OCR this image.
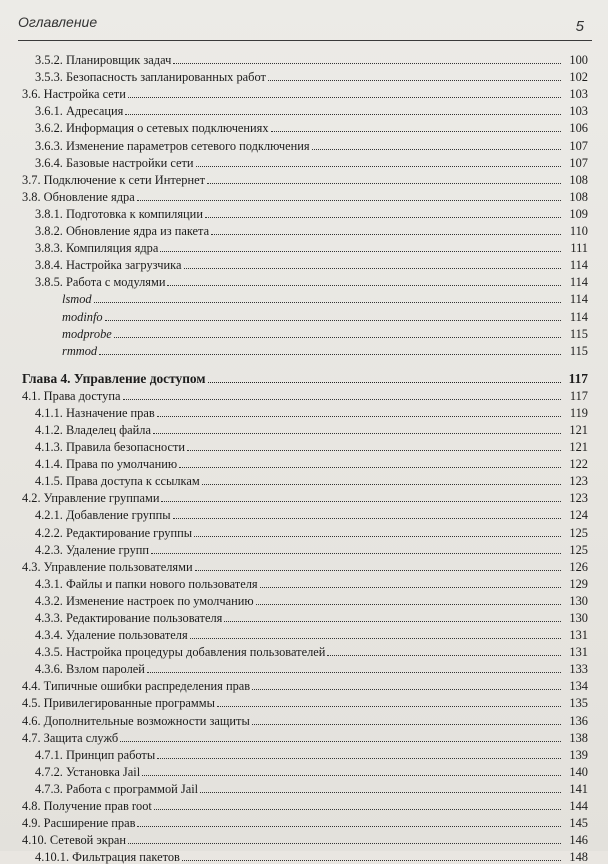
Оглавление	5
3.5.2. Планировщик задач	100
3.5.3. Безопасность запланированных работ	102
3.6. Настройка сети	103
3.6.1. Адресация	103
3.6.2. Информация о сетевых подключениях	106
3.6.3. Изменение параметров сетевого подключения	107
3.6.4. Базовые настройки сети	107
3.7. Подключение к сети Интернет	108
3.8. Обновление ядра	108
3.8.1. Подготовка к компиляции	109
3.8.2. Обновление ядра из пакета	110
3.8.3. Компиляция ядра	111
3.8.4. Настройка загрузчика	114
3.8.5. Работа с модулями	114
lsmod	114
modinfo	114
modprobe	115
rmmod	115
Глава 4. Управление доступом	117
4.1. Права доступа	117
4.1.1. Назначение прав	119
4.1.2. Владелец файла	121
4.1.3. Правила безопасности	121
4.1.4. Права по умолчанию	122
4.1.5. Права доступа к ссылкам	123
4.2. Управление группами	123
4.2.1. Добавление группы	124
4.2.2. Редактирование группы	125
4.2.3. Удаление групп	125
4.3. Управление пользователями	126
4.3.1. Файлы и папки нового пользователя	129
4.3.2. Изменение настроек по умолчанию	130
4.3.3. Редактирование пользователя	130
4.3.4. Удаление пользователя	131
4.3.5. Настройка процедуры добавления пользователей	131
4.3.6. Взлом паролей	133
4.4. Типичные ошибки распределения прав	134
4.5. Привилегированные программы	135
4.6. Дополнительные возможности защиты	136
4.7. Защита служб	138
4.7.1. Принцип работы	139
4.7.2. Установка Jail	140
4.7.3. Работа с программой Jail	141
4.8. Получение прав root	144
4.9. Расширение прав	145
4.10. Сетевой экран	146
4.10.1. Фильтрация пакетов	148
